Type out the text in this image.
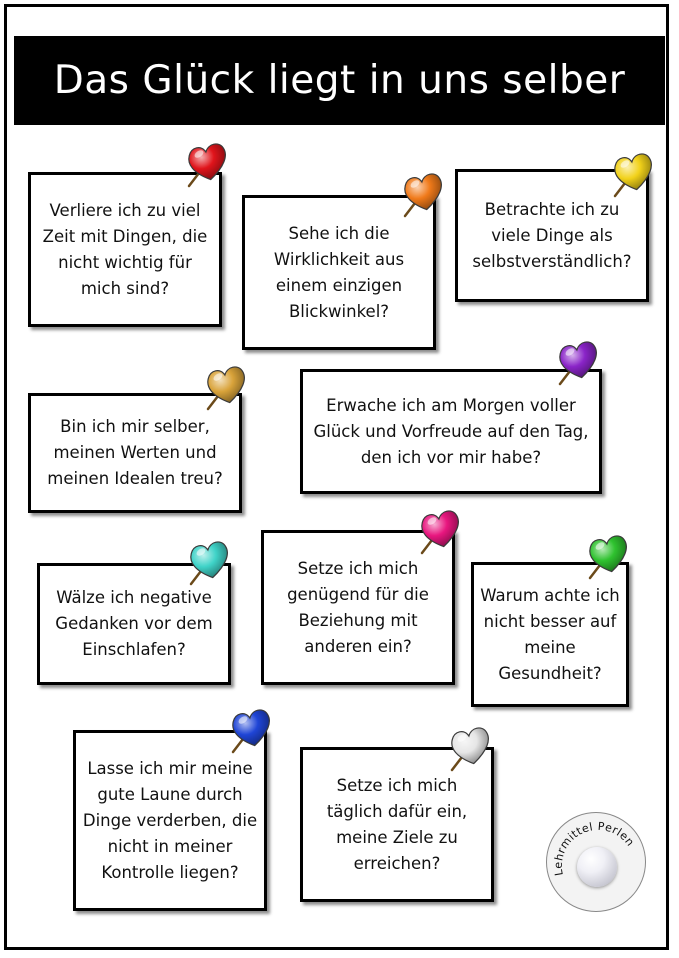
Das Glück liegt in uns selber
Verliere ich zu viel Zeit mit Dingen, die nicht wichtig für mich sind?
Sehe ich die Wirklichkeit aus einem einzigen Blickwinkel?
Betrachte ich zu viele Dinge als selbstverständlich?
Bin ich mir selber, meinen Werten und meinen Idealen treu?
Erwache ich am Morgen voller Glück und Vorfreude auf den Tag, den ich vor mir habe?
Wälze ich negative Gedanken vor dem Einschlafen?
Setze ich mich genügend für die Beziehung mit anderen ein?
Warum achte ich nicht besser auf meine Gesundheit?
Lasse ich mir meine gute Laune durch Dinge verderben, die nicht in meiner Kontrolle liegen?
Setze ich mich täglich dafür ein, meine Ziele zu erreichen?	Lehrmittel Perlen
